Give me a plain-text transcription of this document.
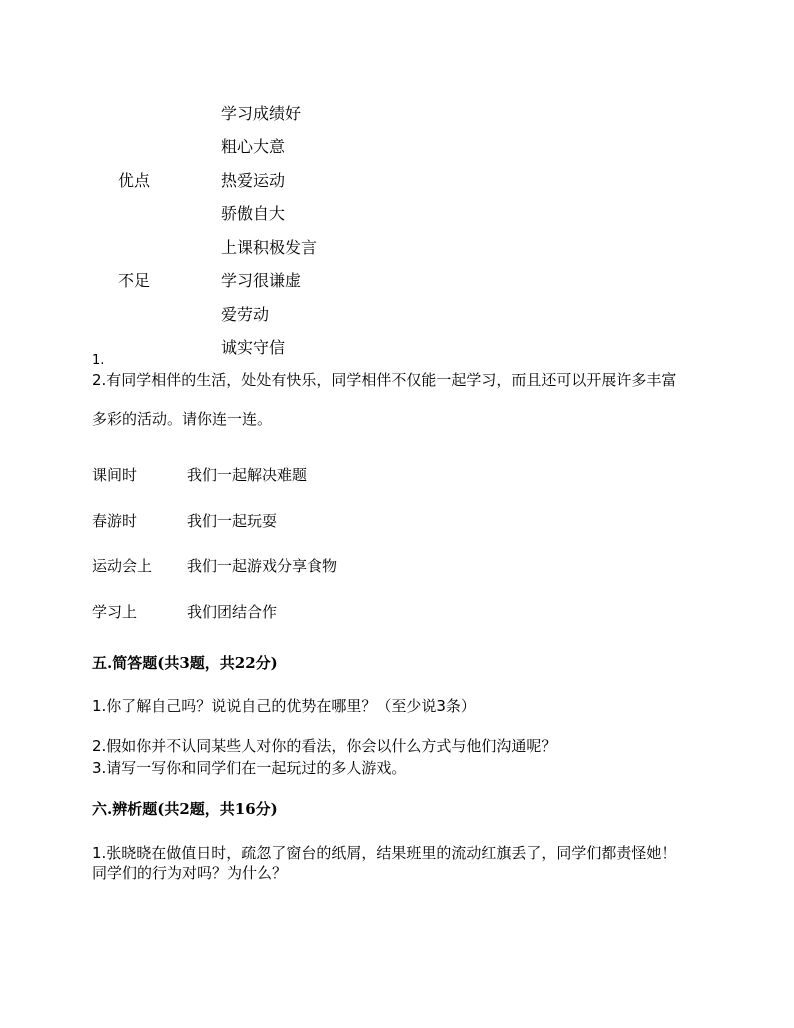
学习成绩好
粗心大意
热爱运动
骄傲自大
上课积极发言
学习很谦虚
爱劳动
诚实守信
优点
不足
1.
2.有同学相伴的生活，处处有快乐，同学相伴不仅能一起学习，而且还可以开展许多丰富
多彩的活动。请你连一连。
课间时
春游时
运动会上
学习上
我们一起解决难题
我们一起玩耍
我们一起游戏分享食物
我们团结合作
五.简答题(共3题，共22分)
1.你了解自己吗？说说自己的优势在哪里？（至少说3条）
2.假如你并不认同某些人对你的看法，你会以什么方式与他们沟通呢？
3.请写一写你和同学们在一起玩过的多人游戏。
六.辨析题(共2题，共16分)
1.张晓晓在做值日时，疏忽了窗台的纸屑，结果班里的流动红旗丢了，同学们都责怪她！
同学们的行为对吗？为什么？
